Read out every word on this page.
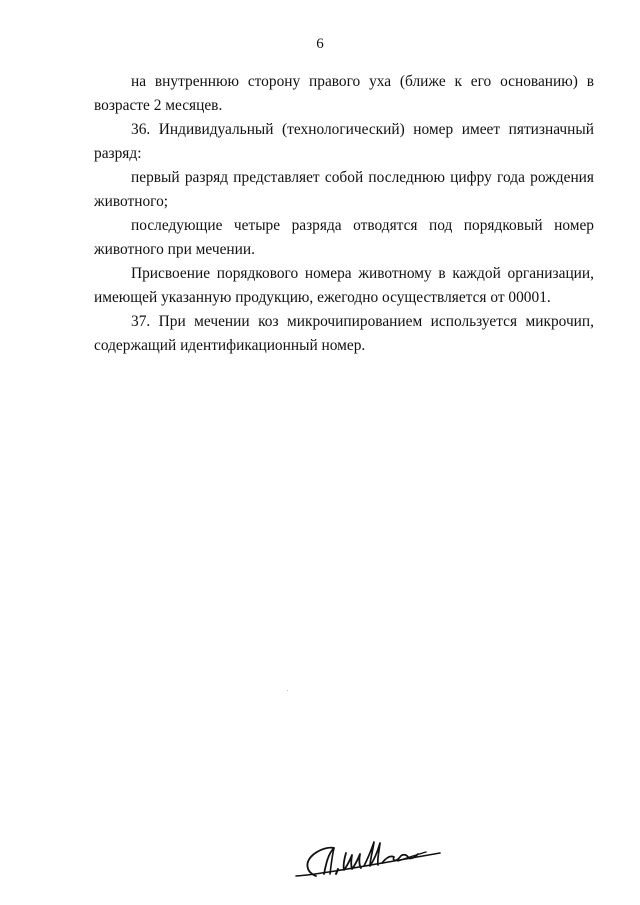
6

на внутреннюю сторону правого уха (ближе к его основанию) в возрасте 2 месяцев.

36. Индивидуальный (технологический) номер имеет пятизначный разряд:

первый разряд представляет собой последнюю цифру года рождения животного;

последующие четыре разряда отводятся под порядковый номер животного при мечении.

Присвоение порядкового номера животному в каждой организации, имеющей указанную продукцию, ежегодно осуществляется от 00001.

37. При мечении коз микрочипированием используется микрочип, содержащий идентификационный номер.
